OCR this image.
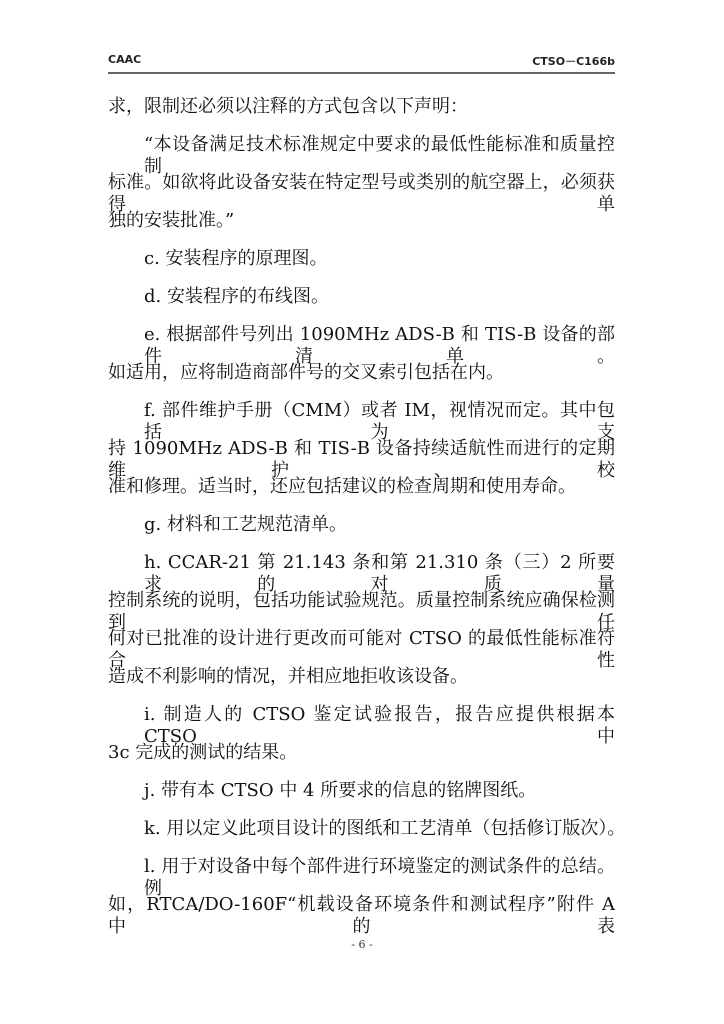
CAAC	CTSO－C166b
求，限制还必须以注释的方式包含以下声明：
“本设备满足技术标准规定中要求的最低性能标准和质量控制
标准。如欲将此设备安装在特定型号或类别的航空器上，必须获得单
独的安装批准。”
c. 安装程序的原理图。
d. 安装程序的布线图。
e. 根据部件号列出 1090MHz ADS-B 和 TIS-B 设备的部件清单。
如适用，应将制造商部件号的交叉索引包括在内。
f. 部件维护手册（CMM）或者 IM，视情况而定。其中包括为支
持 1090MHz ADS-B 和 TIS-B 设备持续适航性而进行的定期维护、校
准和修理。适当时，还应包括建议的检查周期和使用寿命。
g. 材料和工艺规范清单。
h. CCAR-21 第 21.143 条和第 21.310 条（三）2 所要求的对质量
控制系统的说明，包括功能试验规范。质量控制系统应确保检测到任
何对已批准的设计进行更改而可能对 CTSO 的最低性能标准符合性
造成不利影响的情况，并相应地拒收该设备。
i. 制造人的 CTSO 鉴定试验报告，报告应提供根据本 CTSO 中
3c 完成的测试的结果。
j. 带有本 CTSO 中 4 所要求的信息的铭牌图纸。
k. 用以定义此项目设计的图纸和工艺清单（包括修订版次）。
l. 用于对设备中每个部件进行环境鉴定的测试条件的总结。例
如，RTCA/DO-160F“机载设备环境条件和测试程序”附件 A 中的表
- 6 -
